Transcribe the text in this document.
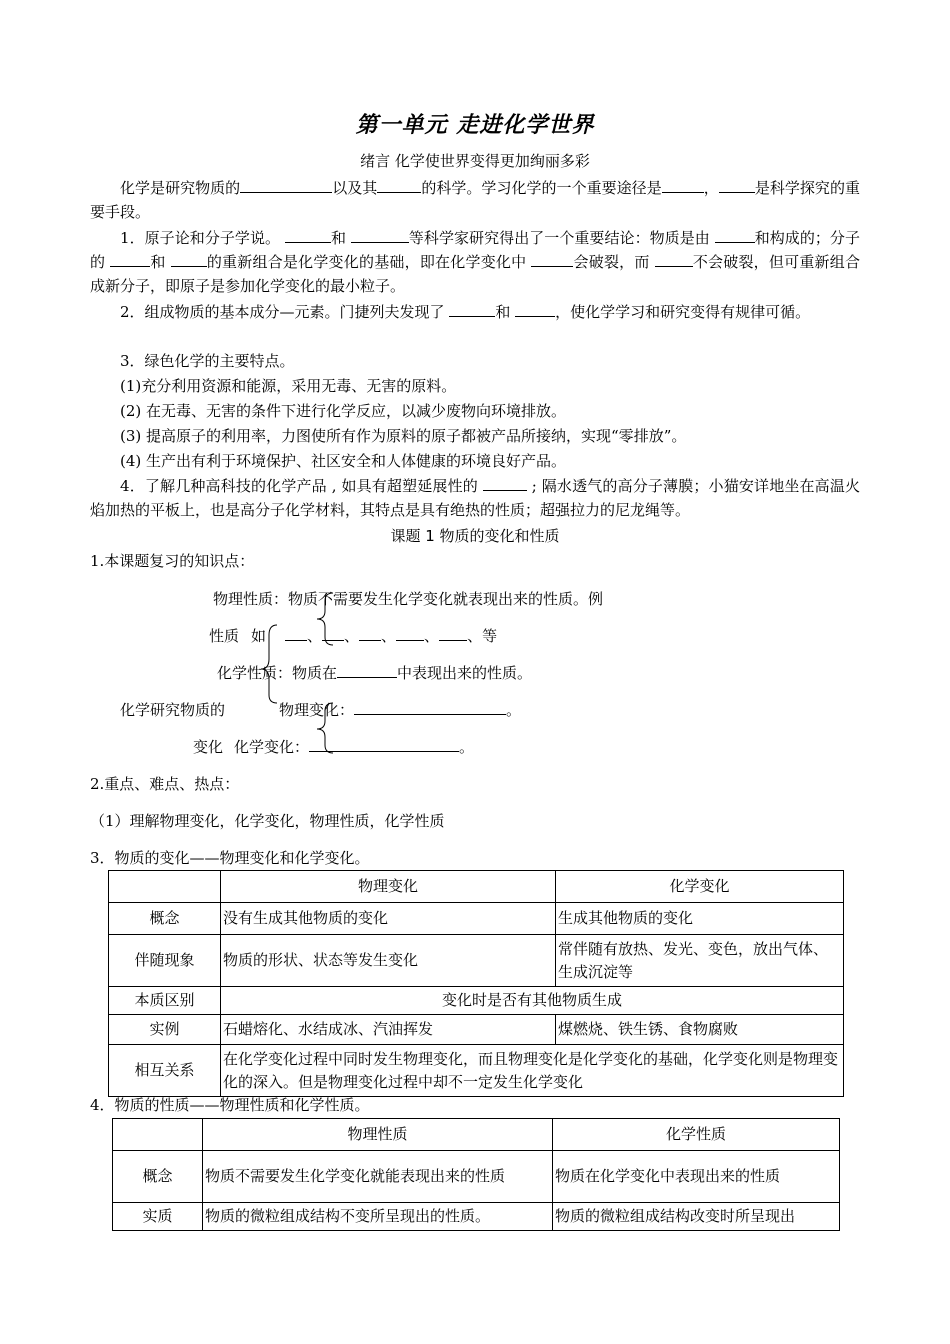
第一单元 走进化学世界
绪言 化学使世界变得更加绚丽多彩
化学是研究物质的	以及其	的科学。学习化学的一个重要途径是	， 是科学探究的重要手段。
1．原子论和分子学说。	和	等科学家研究得出了一个重要结论：物质是由	和构成的；分子的	和 的重新组合是化学变化的基础，即在化学变化中	会破裂，而	不会破裂，但可重新组合成新分子，即原子是参加化学变化的最小粒子。
2．组成物质的基本成分—元素。门捷列夫发现了	和	，使化学学习和研究变得有规律可循。
3．绿色化学的主要特点。
(1)充分利用资源和能源，采用无毒、无害的原料。
(2) 在无毒、无害的条件下进行化学反应，以减少废物向环境排放。
(3) 提高原子的利用率，力图使所有作为原料的原子都被产品所接纳，实现“零排放”。
(4) 生产出有利于环境保护、社区安全和人体健康的环境良好产品。
4．了解几种高科技的化学产品 , 如具有超塑延展性的	; 隔水透气的高分子薄膜；小猫安详地坐在高温火焰加热的平板上，也是高分子化学材料，其特点是具有绝热的性质；超强拉力的尼龙绳等。
课题 1 物质的变化和性质
1.本课题复习的知识点：
物理性质：物质不需要发生化学变化就表现出来的性质。例
性质 如	、 、 、 、 、等
化学性质：物质在	中表现出来的性质。
化学研究物质的	物理变化：	。
变化 化学变化：	。
2.重点、难点、热点：
（1）理解物理变化，化学变化，物理性质，化学性质
3．物质的变化——物理变化和化学变化。
	物理变化	化学变化
概念	没有生成其他物质的变化	生成其他物质的变化
伴随现象	物质的形状、状态等发生变化	常伴随有放热、发光、变色，放出气体、生成沉淀等
本质区别	变化时是否有其他物质生成	
实例	石蜡熔化、水结成冰、汽油挥发	煤燃烧、铁生锈、食物腐败
相互关系	在化学变化过程中同时发生物理变化，而且物理变化是化学变化的基础，化学变化则是物理变化的深入。但是物理变化过程中却不一定发生化学变化	
4．物质的性质——物理性质和化学性质。
	物理性质	化学性质
概念	物质不需要发生化学变化就能表现出来的性质	物质在化学变化中表现出来的性质
实质	物质的微粒组成结构不变所呈现出的性质。	物质的微粒组成结构改变时所呈现出
